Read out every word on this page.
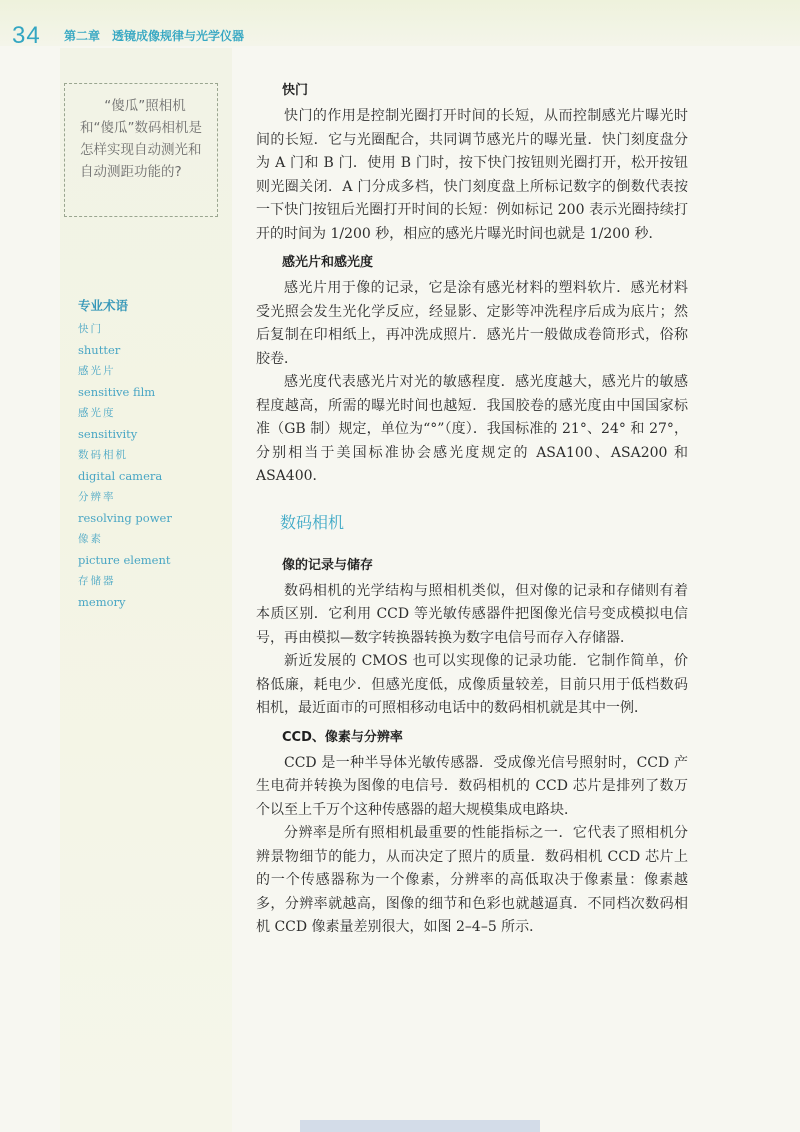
34 第二章　透镜成像规律与光学仪器

“傻瓜”照相机和“傻瓜”数码相机是怎样实现自动测光和自动测距功能的?

专业术语
快门
shutter
感光片
sensitive film
感光度
sensitivity
数码相机
digital camera
分辨率
resolving power
像素
picture element
存储器
memory
快门

快门的作用是控制光圈打开时间的长短，从而控制感光片曝光时间的长短．它与光圈配合，共同调节感光片的曝光量．快门刻度盘分为 A 门和 B 门．使用 B 门时，按下快门按钮则光圈打开，松开按钮则光圈关闭．A 门分成多档，快门刻度盘上所标记数字的倒数代表按一下快门按钮后光圈打开时间的长短：例如标记 200 表示光圈持续打开的时间为 1/200 秒，相应的感光片曝光时间也就是 1/200 秒．

感光片和感光度

感光片用于像的记录，它是涂有感光材料的塑料软片．感光材料受光照会发生光化学反应，经显影、定影等冲洗程序后成为底片；然后复制在印相纸上，再冲洗成照片．感光片一般做成卷筒形式，俗称胶卷．

感光度代表感光片对光的敏感程度．感光度越大，感光片的敏感程度越高，所需的曝光时间也越短．我国胶卷的感光度由中国国家标准（GB 制）规定，单位为“°”（度）．我国标准的 21°、24° 和 27°，分别相当于美国标准协会感光度规定的 ASA100、ASA200 和 ASA400．

数码相机
像的记录与储存

数码相机的光学结构与照相机类似，但对像的记录和存储则有着本质区别．它利用 CCD 等光敏传感器件把图像光信号变成模拟电信号，再由模拟—数字转换器转换为数字电信号而存入存储器．

新近发展的 CMOS 也可以实现像的记录功能．它制作简单，价格低廉，耗电少．但感光度低，成像质量较差，目前只用于低档数码相机，最近面市的可照相移动电话中的数码相机就是其中一例．

CCD、像素与分辨率

CCD 是一种半导体光敏传感器．受成像光信号照射时，CCD 产生电荷并转换为图像的电信号．数码相机的 CCD 芯片是排列了数万个以至上千万个这种传感器的超大规模集成电路块．

分辨率是所有照相机最重要的性能指标之一．它代表了照相机分辨景物细节的能力，从而决定了照片的质量．数码相机 CCD 芯片上的一个传感器称为一个像素，分辨率的高低取决于像素量：像素越多，分辨率就越高，图像的细节和色彩也就越逼真．不同档次数码相机 CCD 像素量差别很大，如图 2–4–5 所示．
